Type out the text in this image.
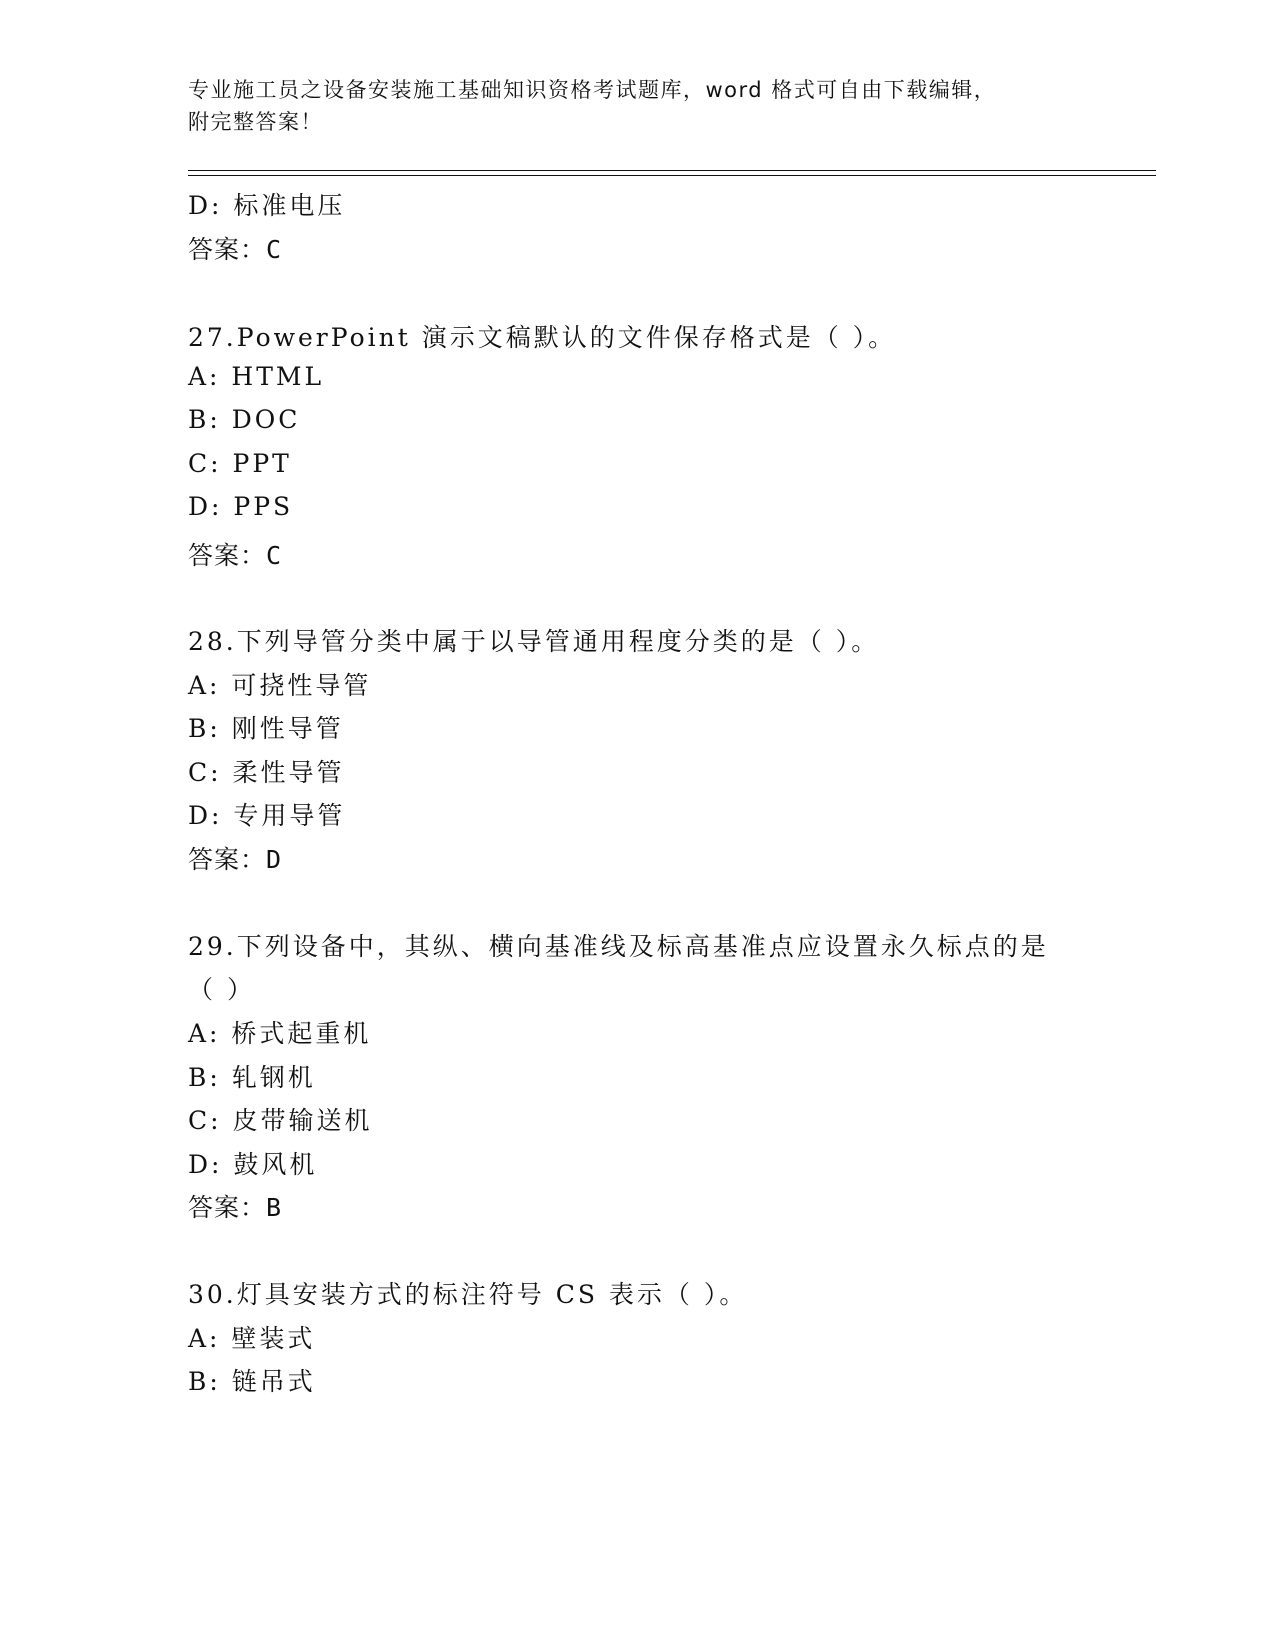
专业施工员之设备安装施工基础知识资格考试题库，word 格式可自由下载编辑，
附完整答案！
D: 标准电压
答案：C
27.PowerPoint 演示文稿默认的文件保存格式是（ ）。
A: HTML
B: DOC
C: PPT
D: PPS
答案：C
28.下列导管分类中属于以导管通用程度分类的是（ ）。
A: 可挠性导管
B: 刚性导管
C: 柔性导管
D: 专用导管
答案：D
29.下列设备中，其纵、横向基准线及标高基准点应设置永久标点的是
（ ）
A: 桥式起重机
B: 轧钢机
C: 皮带输送机
D: 鼓风机
答案：B
30.灯具安装方式的标注符号 CS 表示（ ）。
A: 壁装式
B: 链吊式
